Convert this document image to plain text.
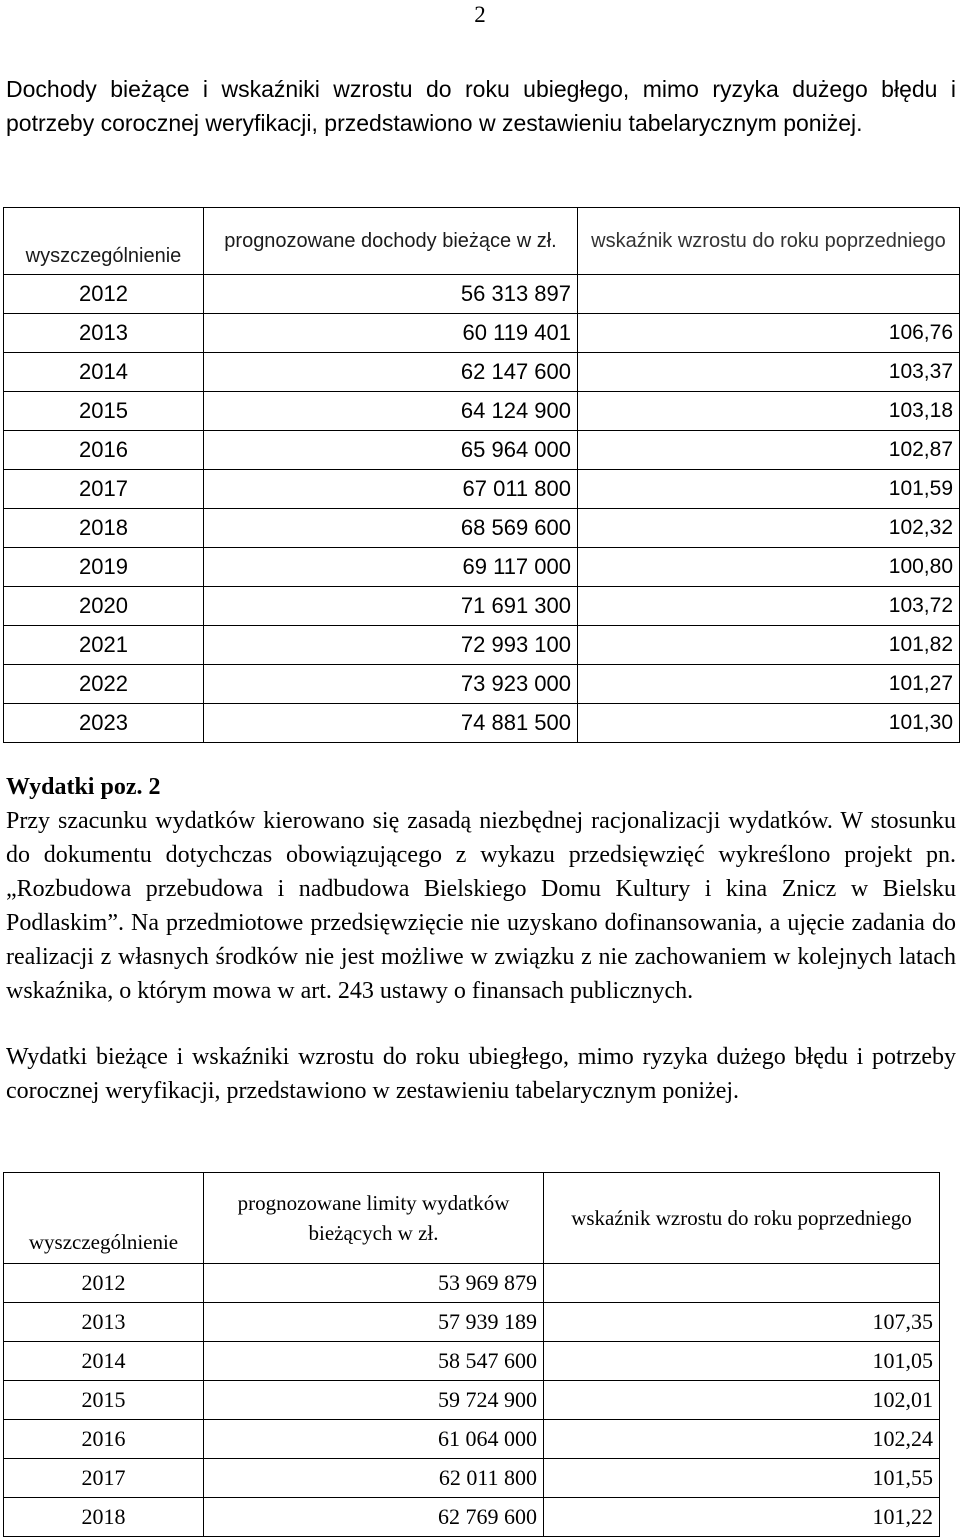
2

Dochody bieżące i wskaźniki wzrostu do roku ubiegłego, mimo ryzyka dużego błędu i potrzeby corocznej weryfikacji, przedstawiono w zestawieniu tabelarycznym poniżej.

wyszczególnienie	prognozowane dochody bieżące w zł.	wskaźnik wzrostu do roku poprzedniego
2012	56 313 897	
2013	60 119 401	106,76
2014	62 147 600	103,37
2015	64 124 900	103,18
2016	65 964 000	102,87
2017	67 011 800	101,59
2018	68 569 600	102,32
2019	69 117 000	100,80
2020	71 691 300	103,72
2021	72 993 100	101,82
2022	73 923 000	101,27
2023	74 881 500	101,30
Wydatki poz. 2

Przy szacunku wydatków kierowano się zasadą niezbędnej racjonalizacji wydatków. W stosunku do dokumentu dotychczas obowiązującego z wykazu przedsięwzięć wykreślono projekt pn. „Rozbudowa przebudowa i nadbudowa Bielskiego Domu Kultury i kina Znicz w Bielsku Podlaskim”. Na przedmiotowe przedsięwzięcie nie uzyskano dofinansowania, a ujęcie zadania do realizacji z własnych środków nie jest możliwe w związku z nie zachowaniem w kolejnych latach wskaźnika, o którym mowa w art. 243 ustawy o finansach publicznych.

Wydatki bieżące i wskaźniki wzrostu do roku ubiegłego, mimo ryzyka dużego błędu i potrzeby corocznej weryfikacji, przedstawiono w zestawieniu tabelarycznym poniżej.

wyszczególnienie	prognozowane limity wydatków bieżących w zł.	wskaźnik wzrostu do roku poprzedniego
2012	53 969 879	
2013	57 939 189	107,35
2014	58 547 600	101,05
2015	59 724 900	102,01
2016	61 064 000	102,24
2017	62 011 800	101,55
2018	62 769 600	101,22
